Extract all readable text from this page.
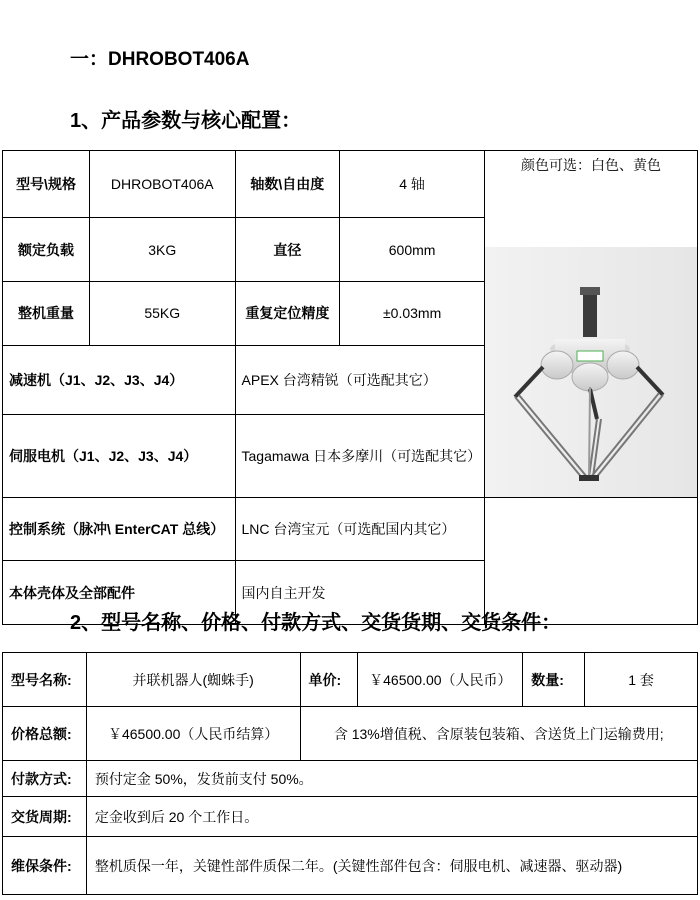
一：DHROBOT406A
1、产品参数与核心配置：
型号\规格	DHROBOT406A	轴数\自由度	4 轴	颜色可选：白色、黄色

额定负载	3KG	直径	600mm	
整机重量	55KG	重复定位精度	±0.03mm	
减速机（J1、J2、J3、J4）		APEX 台湾精锐（可选配其它）		
伺服电机（J1、J2、J3、J4）		Tagamawa 日本多摩川（可选配其它）		
控制系统（脉冲\ EnterCAT 总线）		LNC 台湾宝元（可选配国内其它）		
本体壳体及全部配件		国内自主开发		
2、型号名称、价格、付款方式、交货货期、交货条件：
型号名称:	并联机器人(蜘蛛手)	单价:	￥46500.00（人民币）	数量:	1 套
价格总额:	￥46500.00（人民币结算）	含 13%增值税、含原装包装箱、含送货上门运输费用;			
付款方式:	预付定金 50%，发货前支付 50%。				
交货周期:	定金收到后 20 个工作日。				
维保条件:	整机质保一年，关键性部件质保二年。(关键性部件包含：伺服电机、减速器、驱动器)				
